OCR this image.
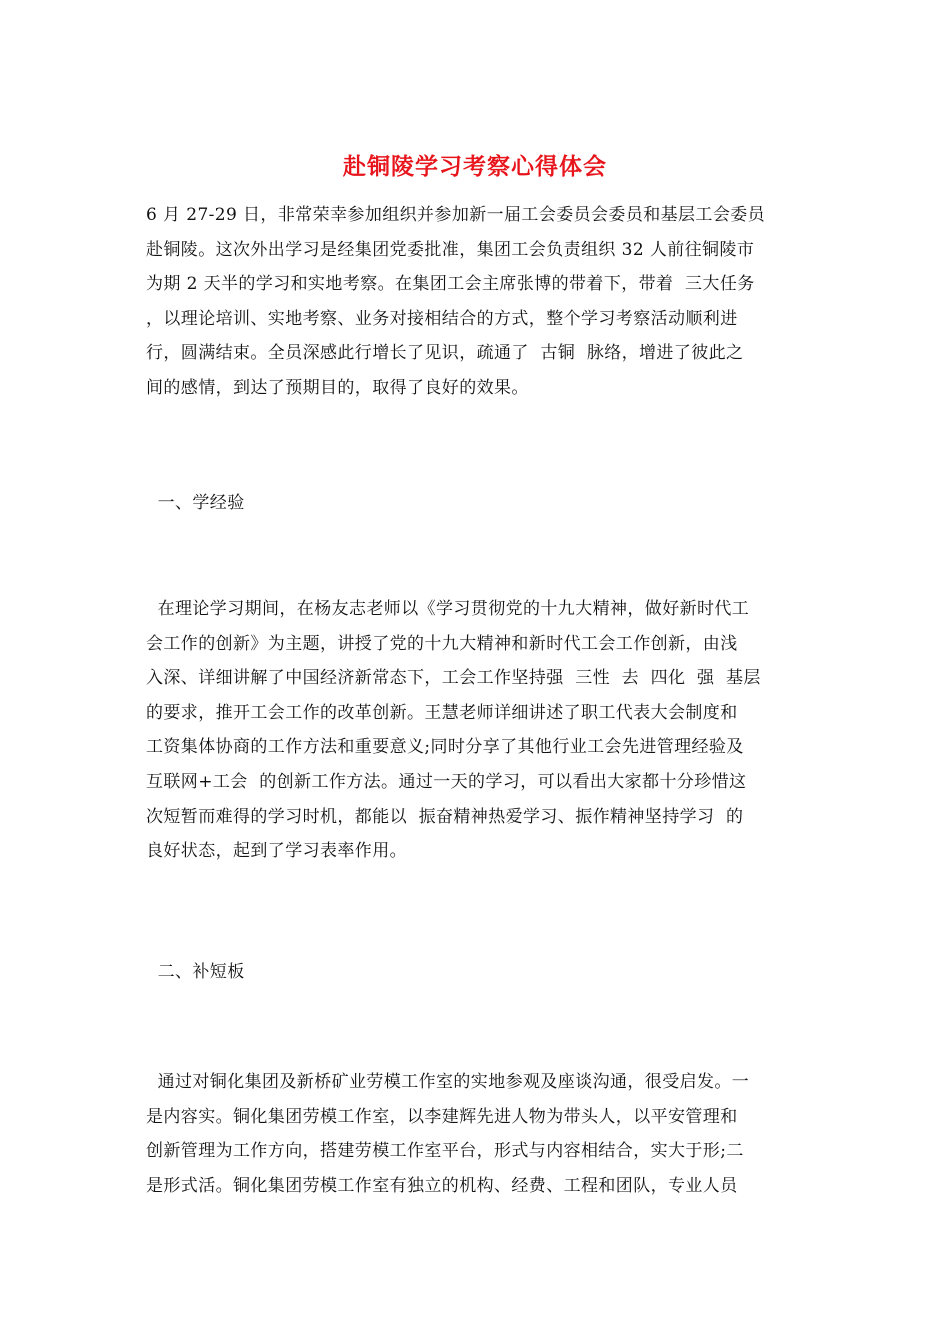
赴铜陵学习考察心得体会
6 月 27-29 日，非常荣幸参加组织并参加新一届工会委员会委员和基层工会委员
赴铜陵。这次外出学习是经集团党委批准，集团工会负责组织 32 人前往铜陵市
为期 2 天半的学习和实地考察。在集团工会主席张博的带着下，带着  三大任务
，以理论培训、实地考察、业务对接相结合的方式，整个学习考察活动顺利进
行，圆满结束。全员深感此行增长了见识，疏通了  古铜  脉络，增进了彼此之
间的感情，到达了预期目的，取得了良好的效果。
一、学经验
在理论学习期间，在杨友志老师以《学习贯彻党的十九大精神，做好新时代工
会工作的创新》为主题，讲授了党的十九大精神和新时代工会工作创新，由浅
入深、详细讲解了中国经济新常态下，工会工作坚持强  三性  去  四化  强  基层
的要求，推开工会工作的改革创新。王慧老师详细讲述了职工代表大会制度和
工资集体协商的工作方法和重要意义;同时分享了其他行业工会先进管理经验及
互联网+工会  的创新工作方法。通过一天的学习，可以看出大家都十分珍惜这
次短暂而难得的学习时机，都能以  振奋精神热爱学习、振作精神坚持学习  的
良好状态，起到了学习表率作用。
二、补短板
通过对铜化集团及新桥矿业劳模工作室的实地参观及座谈沟通，很受启发。一
是内容实。铜化集团劳模工作室，以李建辉先进人物为带头人，以平安管理和
创新管理为工作方向，搭建劳模工作室平台，形式与内容相结合，实大于形;二
是形式活。铜化集团劳模工作室有独立的机构、经费、工程和团队，专业人员
